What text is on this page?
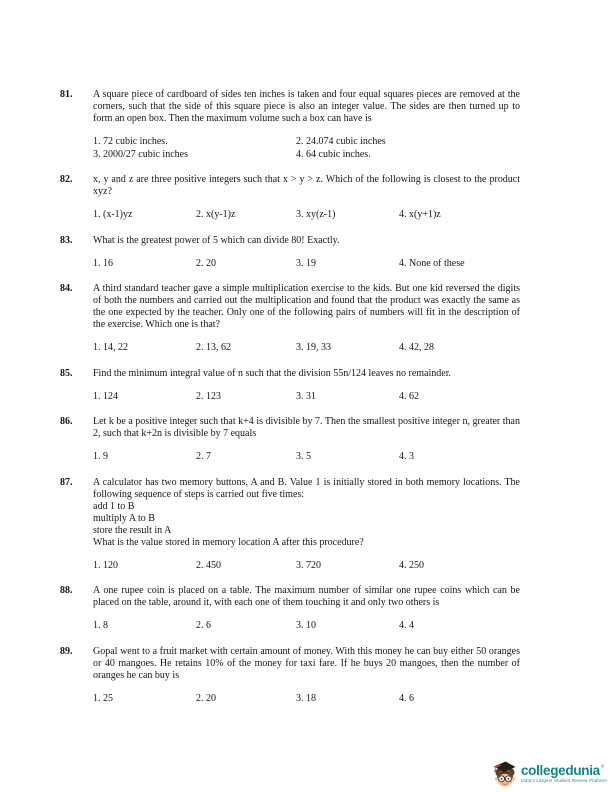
81.	A square piece of cardboard of sides ten inches is taken and four equal squares pieces are removed at the corners, such that the side of this square piece is also an integer value. The sides are then turned up to form an open box. Then the maximum volume such a box can have is

1. 72 cubic inches.	2. 24.074 cubic inches
3. 2000/27 cubic inches	4. 64 cubic inches.
82.	x, y and z are three positive integers such that x > y > z. Which of the following is closest to the product xyz?

1. (x-1)yz	2. x(y-1)z	3. xy(z-1)	4. x(y+1)z
83.	What is the greatest power of 5 which can divide 80! Exactly.

1. 16	2. 20	3. 19	4. None of these
84.	A third standard teacher gave a simple multiplication exercise to the kids. But one kid reversed the digits of both the numbers and carried out the multiplication and found that the product was exactly the same as the one expected by the teacher. Only one of the following pairs of numbers will fit in the description of the exercise. Which one is that?

1. 14, 22	2. 13, 62	3. 19, 33	4. 42, 28
85.	Find the minimum integral value of n such that the division 55n/124 leaves no remainder.

1. 124	2. 123	3. 31	4. 62
86.	Let k be a positive integer such that k+4 is divisible by 7. Then the smallest positive integer n, greater than 2, such that k+2n is divisible by 7 equals

1. 9	2. 7	3. 5	4. 3
87.	A calculator has two memory buttons, A and B. Value 1 is initially stored in both memory locations. The following sequence of steps is carried out five times:

add 1 to B

multiply A to B

store the result in A

What is the value stored in memory location A after this procedure?

1. 120	2. 450	3. 720	4. 250
88.	A one rupee coin is placed on a table. The maximum number of similar one rupee coins which can be placed on the table, around it, with each one of them touching it and only two others is

1. 8	2. 6	3. 10	4. 4
89.	Gopal went to a fruit market with certain amount of money. With this money he can buy either 50 oranges or 40 mangoes. He retains 10% of the money for taxi fare. If he buys 20 mangoes, then the number of oranges he can buy is

1. 25	2. 20	3. 18	4. 6
collegedunia ®
India's Largest Student Review Platform
